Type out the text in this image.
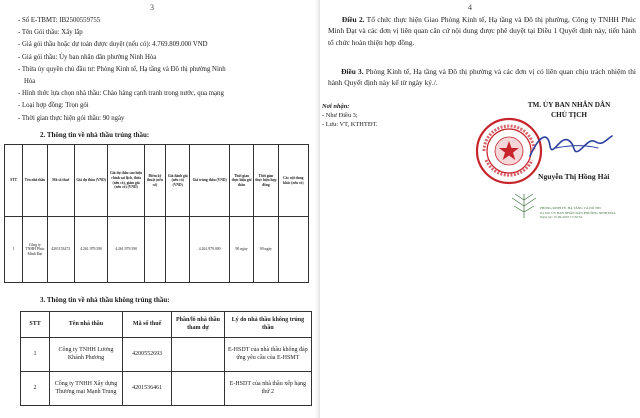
3
- Số E-TBMT: IB2500559755
- Tên Gói thầu: Xây lắp
- Giá gói thầu hoặc dự toán được duyệt (nếu có): 4.769.809.000 VND
- Giá gói thầu: Ủy ban nhân dân phường Ninh Hòa
- Thừa ủy quyền chủ đầu tư: Phòng Kinh tế, Hạ tầng và Đô thị phường Ninh
Hòa
- Hình thức lựa chọn nhà thầu: Chào hàng cạnh tranh trong nước, qua mạng
- Loại hợp đồng: Trọn gói
- Thời gian thực hiện gói thầu: 90 ngày
2. Thông tin về nhà thầu trúng thầu:
STT	Tên nhà thầu	Mã số thuế	Giá dự thầu (VND)	Giá dự thầu sau hiệu chỉnh sai lệch, thừa (nếu có), giảm giá (nếu có) (VND)	Điểm kỹ thuật (nếu có)	Giá đánh giá (nếu có) (VND)	Giá trúng thầu (VND)	Thời gian thực hiện gói thầu	Thời gian thực hiện hợp đồng	Các nội dung khác (nếu có)
1	Công ty TNHH Phúc Minh Đạt	4201153473	4.261.979.590	4.261.979.590			4.261.979.000	90 ngày	90 ngày	
3. Thông tin về nhà thầu không trúng thầu:
STT	Tên nhà thầu	Mã số thuế	Phần/lô nhà thầu tham dự	Lý do nhà thầu không trúng thầu
1	Công ty TNHH Lương Khánh Phương	4200552693		E-HSDT của nhà thầu không đáp ứng yêu cầu của E-HSMT
2	Công ty TNHH Xây dựng Thương mại Mạnh Trung	4201536461		E-HSDT của nhà thầu xếp hạng thứ 2
4
Điều 2. Tổ chức thực hiện Giao Phòng Kinh tế, Hạ tầng và Đô thị phường, Công ty TNHH Phúc Minh Đạt và các đơn vị liên quan căn cứ nội dung được phê duyệt tại Điều 1 Quyết định này, tiến hành tổ chức hoàn thiện hợp đồng.
Điều 3. Phòng Kinh tế, Hạ tầng và Đô thị phường và các đơn vị có liên quan chịu trách nhiệm thi hành Quyết định này kể từ ngày ký./.
Nơi nhận:
- Như Điều 3;
- Lưu: VT, KTHTĐT.
TM. ỦY BAN NHÂN DÂN
CHỦ TỊCH
Nguyễn Thị Hồng Hải
PHÒNG KINH TẾ, HẠ TẦNG VÀ ĐÔ THỊ
Ký bởi: ỦY BAN NHÂN DÂN PHƯỜNG NINH HÒA
Ngày ký: 15-09-2025 17:30:54
